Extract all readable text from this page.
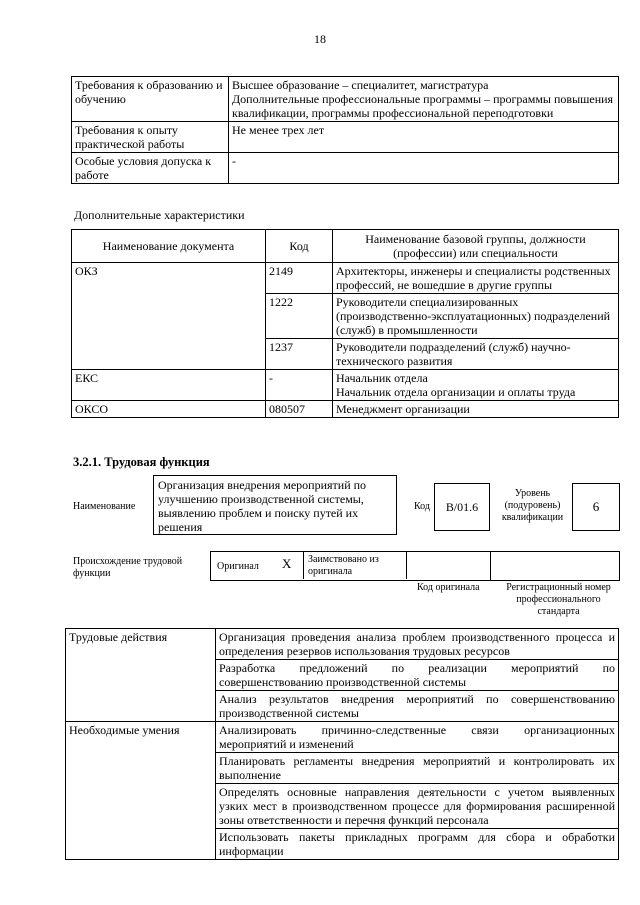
18
Требования к образованию и обучению	Высшее образование – специалитет, магистратура
Дополнительные профессиональные программы – программы повышения квалификации, программы профессиональной переподготовки

Требования к опыту практической работы	Не менее трех лет
Особые условия допуска к работе	-
Дополнительные характеристики
Наименование документа	Код	Наименование базовой группы, должности (профессии) или специальности
ОКЗ	2149	Архитекторы, инженеры и специалисты родственных профессий, не вошедшие в другие группы
	1222	Руководители специализированных (производственно-эксплуатационных) подразделений (служб) в промышленности
	1237	Руководители подразделений (служб) научно-технического развития
ЕКС	-	Начальник отдела
Начальник отдела организации и оплаты труда

ОКСО	080507	Менеджмент организации
3.2.1. Трудовая функция
Наименование
Организация внедрения мероприятий по улучшению производственной системы, выявлению проблем и поиску путей их решения
Код	B/01.6
Уровень (подуровень) квалификации
6
Происхождение трудовой функции
Оригинал X Заимствовано из оригинала
Код оригинала	Регистрационный номер профессионального стандарта
Трудовые действия	Организация проведения анализа проблем производственного процесса и определения резервов использования трудовых ресурсов
	Разработка предложений по реализации мероприятий по совершенствованию производственной системы
	Анализ результатов внедрения мероприятий по совершенствованию производственной системы
Необходимые умения	Анализировать причинно-следственные связи организационных мероприятий и изменений
	Планировать регламенты внедрения мероприятий и контролировать их выполнение
	Определять основные направления деятельности с учетом выявленных узких мест в производственном процессе для формирования расширенной зоны ответственности и перечня функций персонала
	Использовать пакеты прикладных программ для сбора и обработки информации
